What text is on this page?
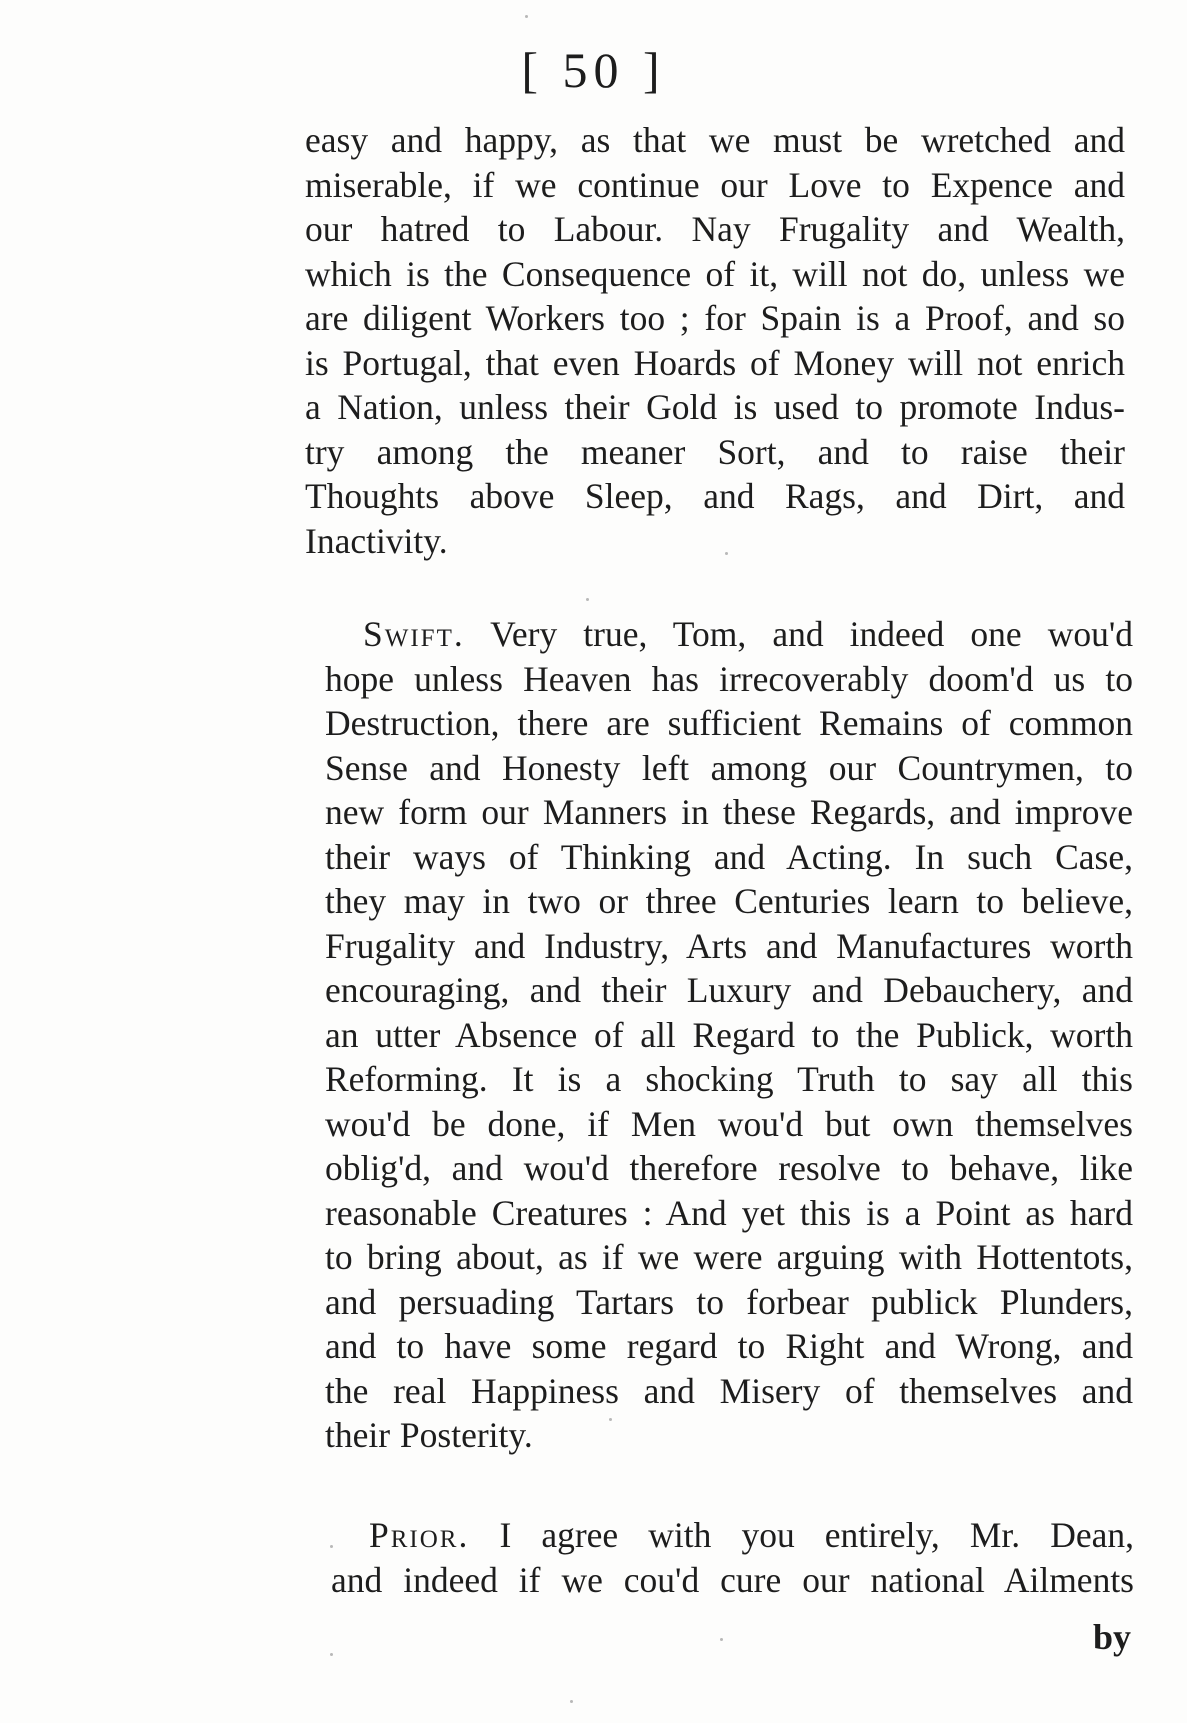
[ 50 ]
easy and happy, as that we must be wretched and
miserable, if we continue our Love to Expence and
our hatred to Labour. Nay Frugality and Wealth,
which is the Consequence of it, will not do, unless we
are diligent Workers too ; for Spain is a Proof, and so
is Portugal, that even Hoards of Money will not enrich
a Nation, unless their Gold is used to promote Indus-
try among the meaner Sort, and to raise their
Thoughts above Sleep, and Rags, and Dirt, and
Inactivity.
Swift. Very true, Tom, and indeed one wou'd
hope unless Heaven has irrecoverably doom'd us to
Destruction, there are sufficient Remains of common
Sense and Honesty left among our Countrymen, to
new form our Manners in these Regards, and improve
their ways of Thinking and Acting. In such Case,
they may in two or three Centuries learn to believe,
Frugality and Industry, Arts and Manufactures worth
encouraging, and their Luxury and Debauchery, and
an utter Absence of all Regard to the Publick, worth
Reforming. It is a shocking Truth to say all this
wou'd be done, if Men wou'd but own themselves
oblig'd, and wou'd therefore resolve to behave, like
reasonable Creatures : And yet this is a Point as hard
to bring about, as if we were arguing with Hottentots,
and persuading Tartars to forbear publick Plunders,
and to have some regard to Right and Wrong, and
the real Happiness and Misery of themselves and
their Posterity.
Prior. I agree with you entirely, Mr. Dean,
and indeed if we cou'd cure our national Ailments
by
